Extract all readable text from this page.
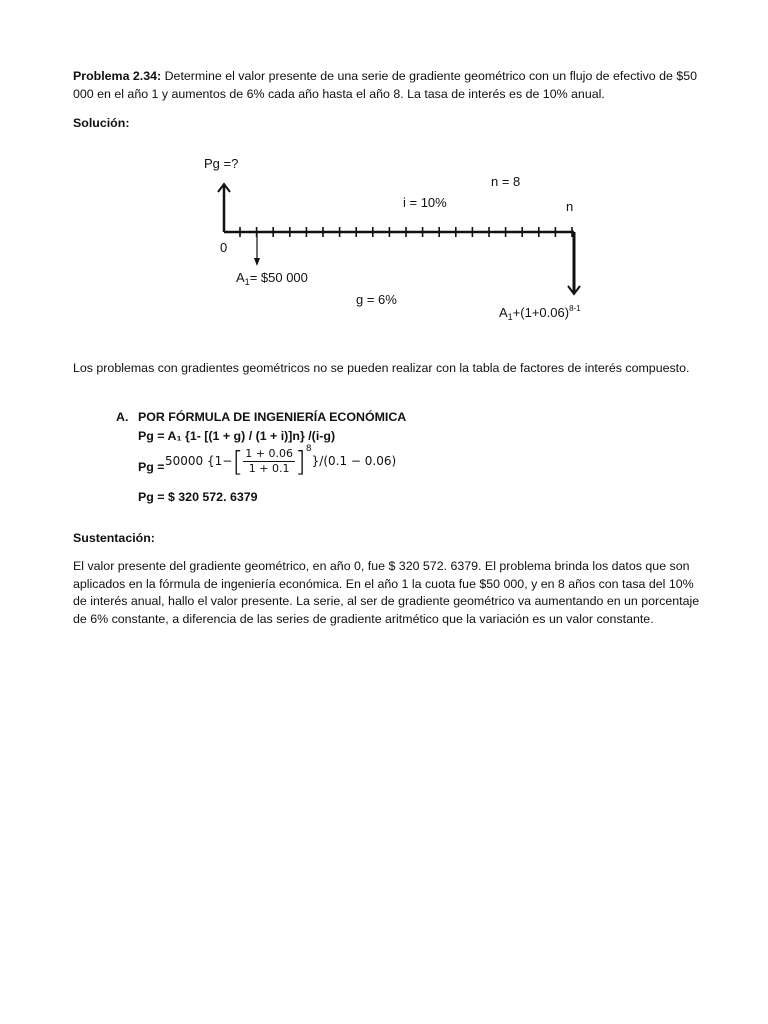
Problema 2.34: Determine el valor presente de una serie de gradiente geométrico con un flujo de efectivo de $50 000 en el año 1 y aumentos de 6% cada año hasta el año 8. La tasa de interés es de 10% anual.

Solución:

Pg =?
n = 8
i = 10%	n
0
$A_1=$ $50 000
g = 6%
$A_1+(1+0.06)^{8-1}$

Los problemas con gradientes geométricos no se pueden realizar con la tabla de factores de interés compuesto.

A. POR FÓRMULA DE INGENIERÍA ECONÓMICA
Pg = A₁ {1- [(1 + g) / (1 + i)]n} /(i-g)
Pg = 50000 $\{1-[ \frac{1 + 0.06}{1 + 0.1} ]^8\}/(0.1 - 0.06)$
Pg = $ 320 572. 6379

Sustentación:

El valor presente del gradiente geométrico, en año 0, fue $ 320 572. 6379. El problema brinda los datos que son aplicados en la fórmula de ingeniería económica. En el año 1 la cuota fue $50 000, y en 8 años con tasa del 10% de interés anual, hallo el valor presente. La serie, al ser de gradiente geométrico va aumentando en un porcentaje de 6% constante, a diferencia de las series de gradiente aritmético que la variación es un valor constante.
